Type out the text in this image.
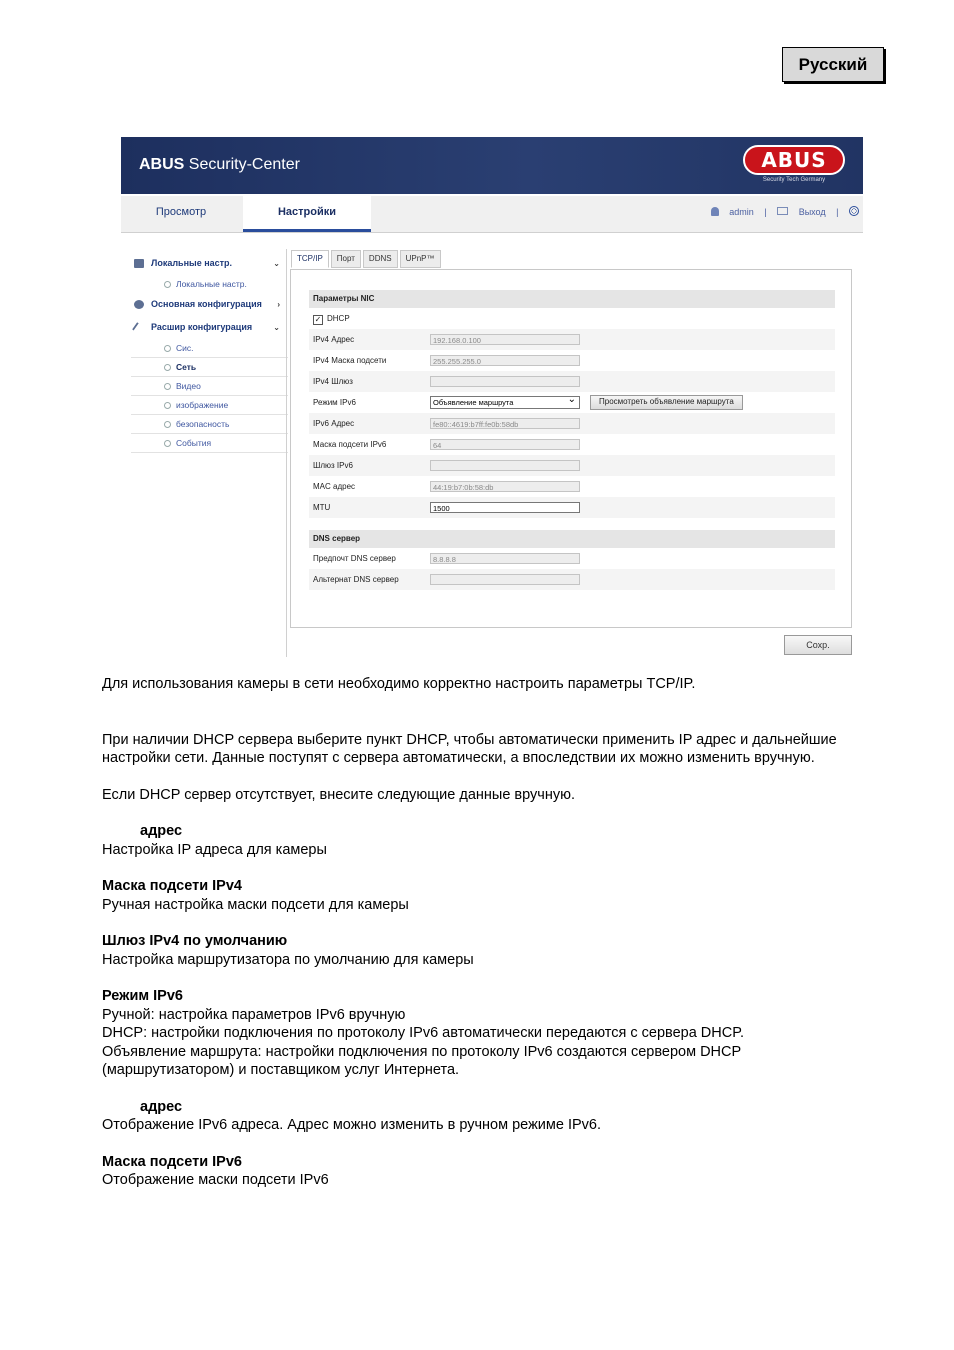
Русский
ABUS Security-Center	ABUS
Security Tech Germany
Просмотр	Настройки	admin |	Выход |
Локальные настр.	⌄
Локальные настр.
Основная конфигурация ›
Расшир конфигурация	⌄
Сис.
Сеть
Видео
изображение
безопасность
События
TCP/IP	Порт	DDNS	UPnP™
Параметры NIC
✓ DHCP
IPv4 Адрес	192.168.0.100
IPv4 Маска подсети	255.255.255.0
IPv4 Шлюз
Режим IPv6	Объявление маршрута ⌄	Просмотреть объявление маршрута
IPv6 Адрес	fe80::4619:b7ff:fe0b:58db
Маска подсети IPv6	64
Шлюз IPv6
MAC адрес	44:19:b7:0b:58:db
MTU	1500
DNS сервер
Предпочт DNS сервер	8.8.8.8
Альтернат DNS сервер
Сохр.

Для использования камеры в сети необходимо корректно настроить параметры TCP/IP.

При наличии DHCP сервера выберите пункт DHCP, чтобы автоматически применить IP адрес и дальнейшие настройки сети. Данные поступят с сервера автоматически, а впоследствии их можно изменить вручную.

Если DHCP сервер отсутствует, внесите следующие данные вручную.

адрес

Настройка IP адреса для камеры

Маска подсети IPv4

Ручная настройка маски подсети для камеры

Шлюз IPv4 по умолчанию

Настройка маршрутизатора по умолчанию для камеры

Режим IPv6

Ручной: настройка параметров IPv6 вручную

DHCP: настройки подключения по протоколу IPv6 автоматически передаются с сервера DHCP.

Объявление маршрута: настройки подключения по протоколу IPv6 создаются сервером DHCP (маршрутизатором) и поставщиком услуг Интернета.

адрес

Отображение IPv6 адреса. Адрес можно изменить в ручном режиме IPv6.

Маска подсети IPv6

Отображение маски подсети IPv6
